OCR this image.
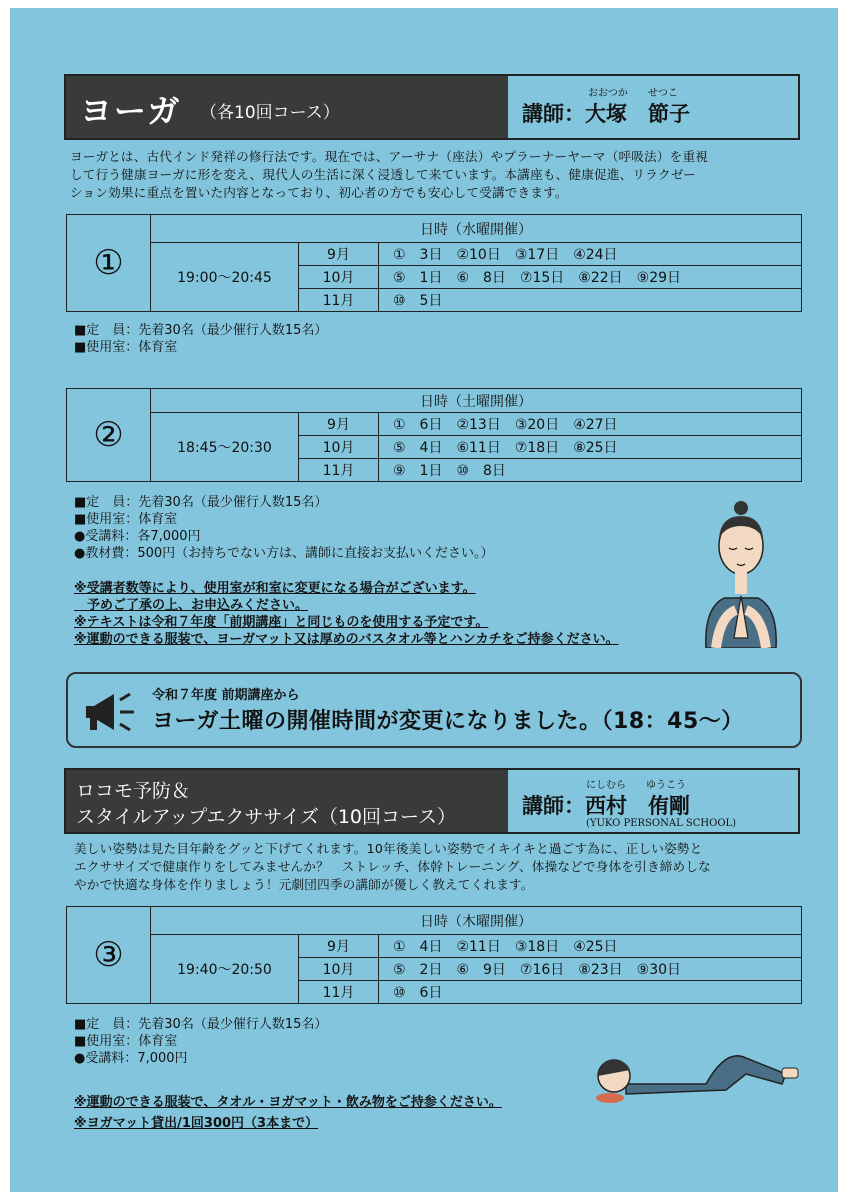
ヨーガ （各10回コース）
おおつか　　せつこ
講師：大塚　節子
ヨーガとは、古代インド発祥の修行法です。現在では、アーサナ（座法）やプラーナーヤーマ（呼吸法）を重視
して行う健康ヨーガに形を変え、現代人の生活に深く浸透して来ています。本講座も、健康促進、リラクゼー
ション効果に重点を置いた内容となっており、初心者の方でも安心して受講できます。
①	日時（水曜開催）		
	19:00～20:45	9月	①　3日　②10日　③17日　④24日
		10月	⑤　1日　⑥　8日　⑦15日　⑧22日　⑨29日
		11月	⑩　5日
■定　員：先着30名（最少催行人数15名）
■使用室：体育室
②	日時（土曜開催）		
	18:45～20:30	9月	①　6日　②13日　③20日　④27日
		10月	⑤　4日　⑥11日　⑦18日　⑧25日
		11月	⑨　1日　⑩　8日
■定　員：先着30名（最少催行人数15名）
■使用室：体育室
●受講料：各7,000円
●教材費：500円（お持ちでない方は、講師に直接お支払いください。）
※受講者数等により、使用室が和室に変更になる場合がございます。
　予めご了承の上、お申込みください。
※テキストは令和７年度「前期講座」と同じものを使用する予定です。
※運動のできる服装で、ヨーガマット又は厚めのバスタオル等とハンカチをご持参ください。
令和７年度 前期講座から
ヨーガ土曜の開催時間が変更になりました。（18：45～）
ロコモ予防＆
スタイルアップエクササイズ（10回コース）
にしむら　　ゆうこう
講師：西村　侑剛
(YUKO PERSONAL SCHOOL)
美しい姿勢は見た目年齢をグッと下げてくれます。10年後美しい姿勢でイキイキと過ごす為に、正しい姿勢と
エクササイズで健康作りをしてみませんか？　ストレッチ、体幹トレーニング、体操などで身体を引き締めしな
やかで快適な身体を作りましょう！元劇団四季の講師が優しく教えてくれます。
③	日時（木曜開催）		
	19:40～20:50	9月	①　4日　②11日　③18日　④25日
		10月	⑤　2日　⑥　9日　⑦16日　⑧23日　⑨30日
		11月	⑩　6日
■定　員：先着30名（最少催行人数15名）
■使用室：体育室
●受講料：7,000円
※運動のできる服装で、タオル・ヨガマット・飲み物をご持参ください。
※ヨガマット貸出/1回300円（3本まで）
